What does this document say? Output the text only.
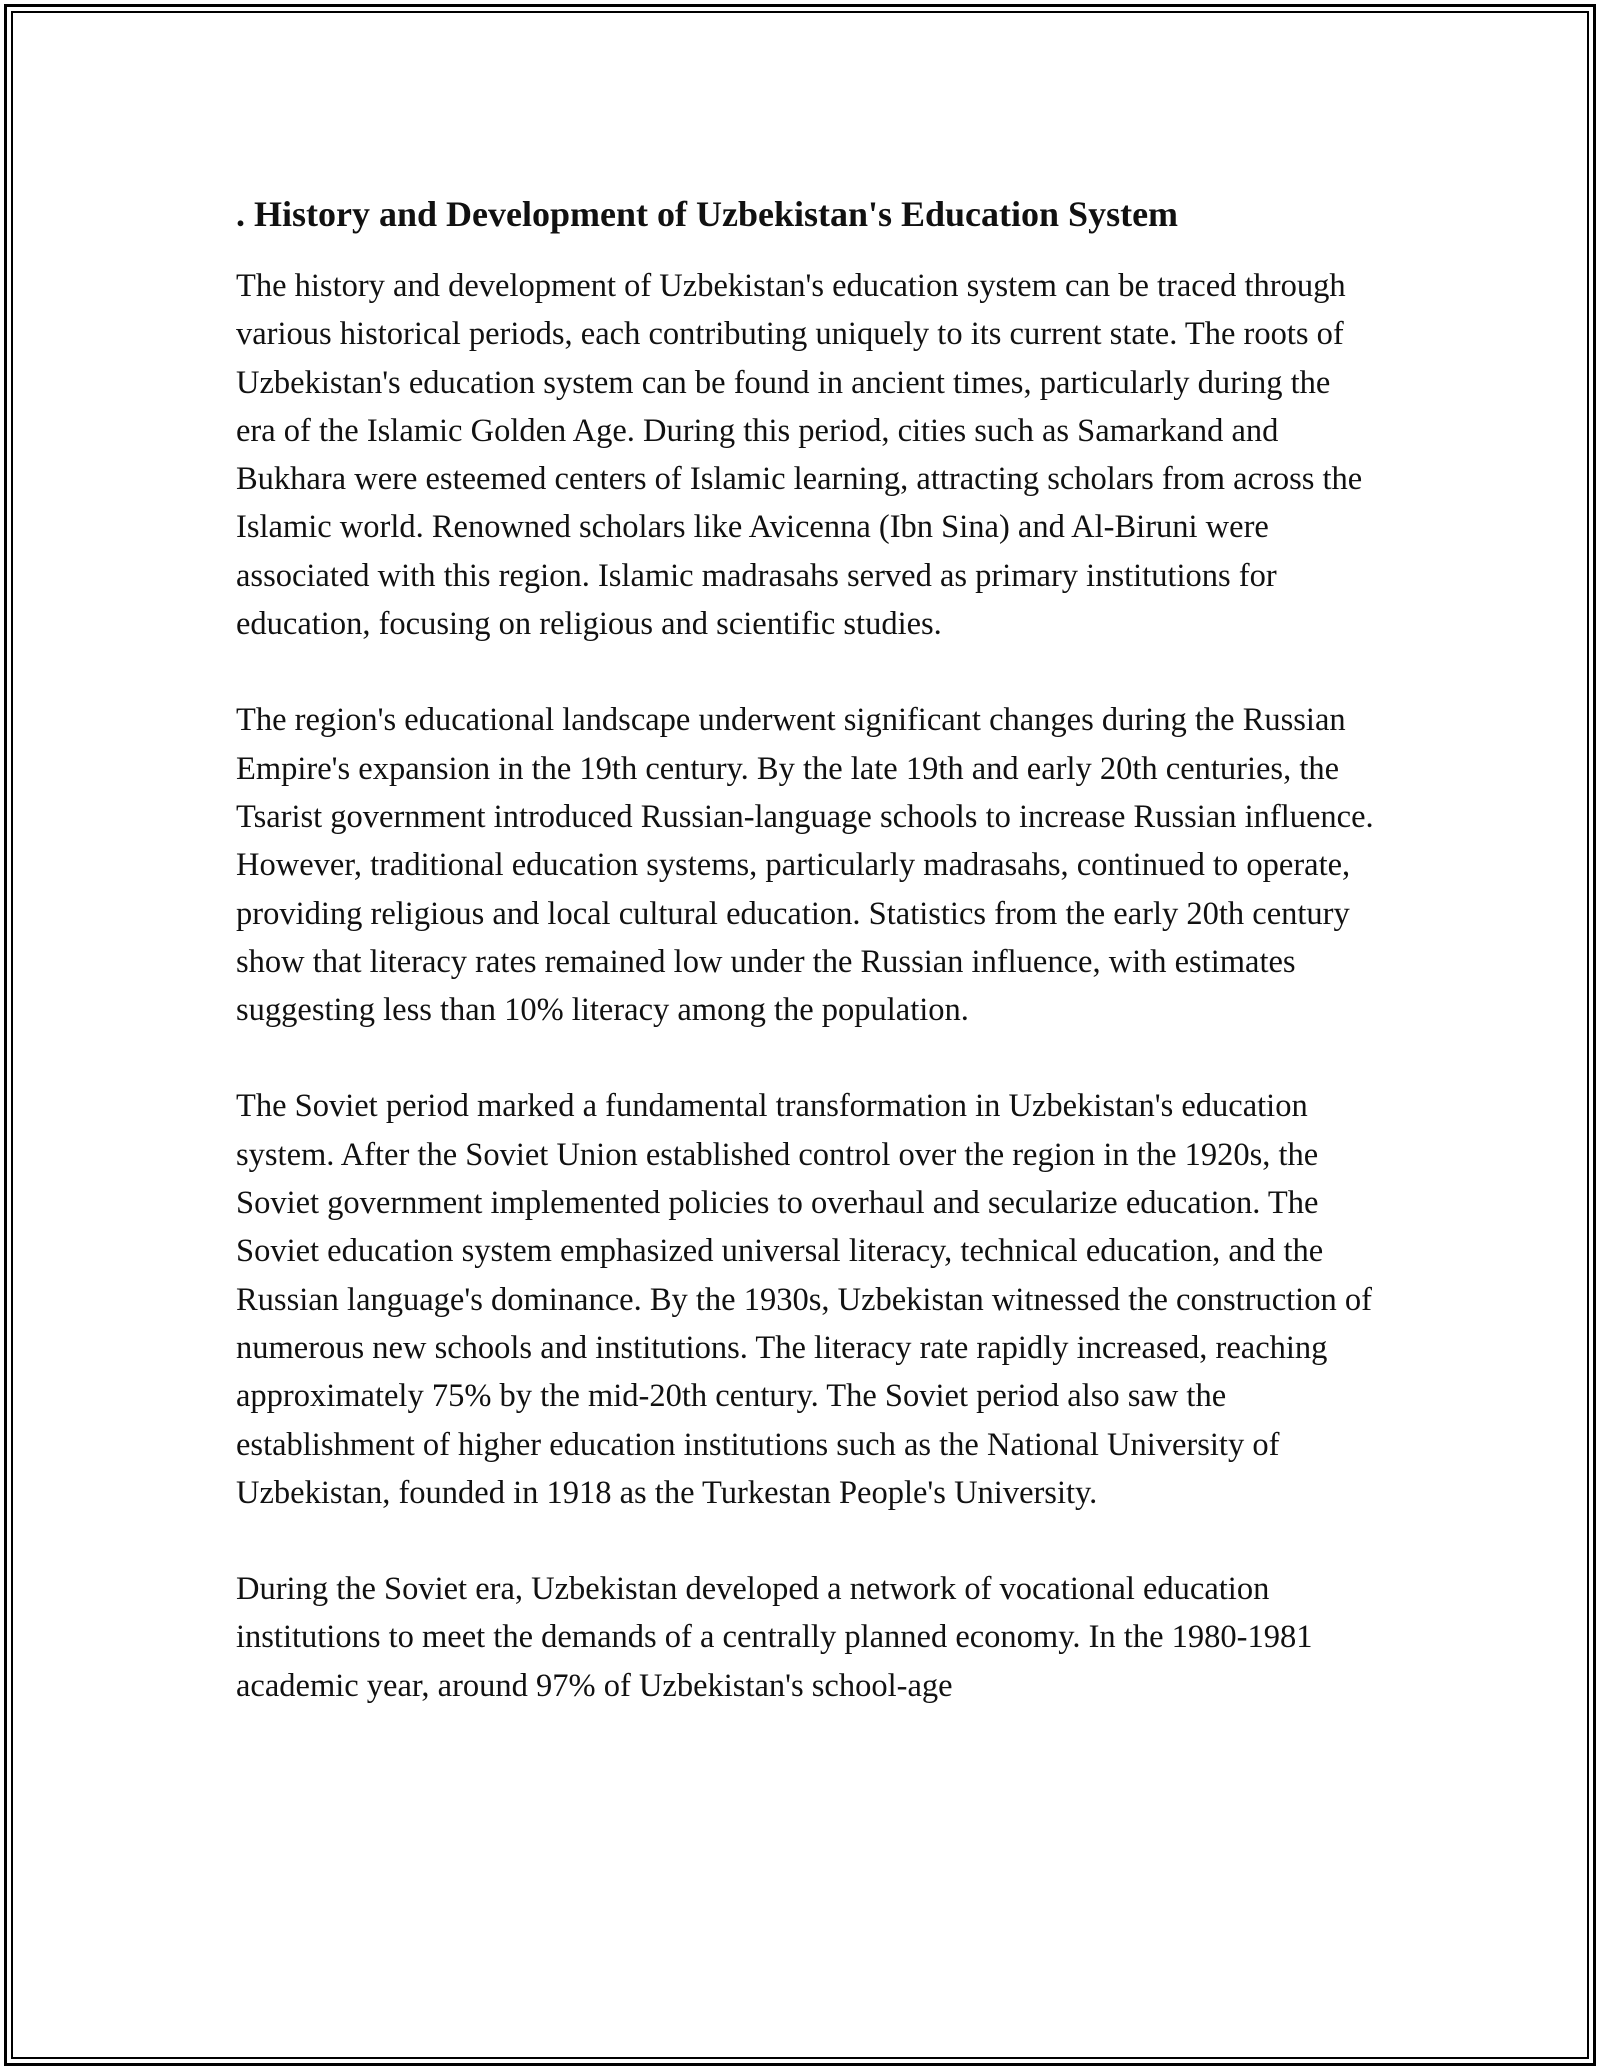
. History and Development of Uzbekistan's Education System

The history and development of Uzbekistan's education system can be traced through various historical periods, each contributing uniquely to its current state. The roots of Uzbekistan's education system can be found in ancient times, particularly during the era of the Islamic Golden Age. During this period, cities such as Samarkand and Bukhara were esteemed centers of Islamic learning, attracting scholars from across the Islamic world. Renowned scholars like Avicenna (Ibn Sina) and Al-Biruni were associated with this region. Islamic madrasahs served as primary institutions for education, focusing on religious and scientific studies.

The region's educational landscape underwent significant changes during the Russian Empire's expansion in the 19th century. By the late 19th and early 20th centuries, the Tsarist government introduced Russian-language schools to increase Russian influence. However, traditional education systems, particularly madrasahs, continued to operate, providing religious and local cultural education. Statistics from the early 20th century show that literacy rates remained low under the Russian influence, with estimates suggesting less than 10% literacy among the population.

The Soviet period marked a fundamental transformation in Uzbekistan's education system. After the Soviet Union established control over the region in the 1920s, the Soviet government implemented policies to overhaul and secularize education. The Soviet education system emphasized universal literacy, technical education, and the Russian language's dominance. By the 1930s, Uzbekistan witnessed the construction of numerous new schools and institutions. The literacy rate rapidly increased, reaching approximately 75% by the mid-20th century. The Soviet period also saw the establishment of higher education institutions such as the National University of Uzbekistan, founded in 1918 as the Turkestan People's University.

During the Soviet era, Uzbekistan developed a network of vocational education institutions to meet the demands of a centrally planned economy. In the 1980-1981 academic year, around 97% of Uzbekistan's school-age
